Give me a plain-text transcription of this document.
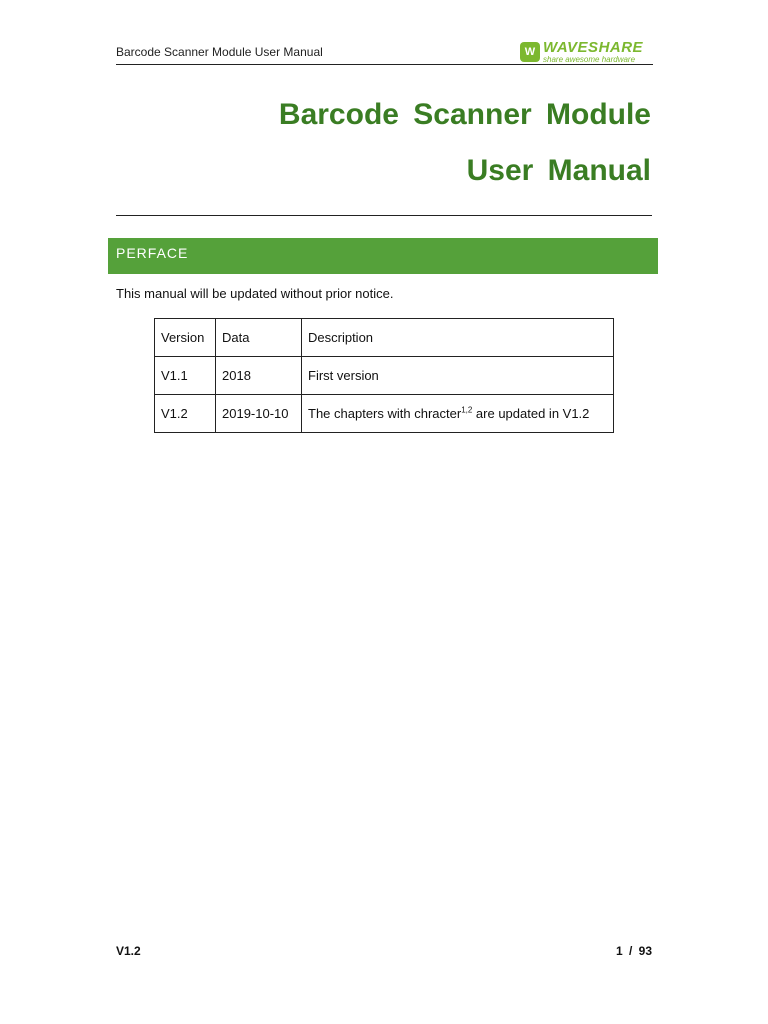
Barcode Scanner Module User Manual	W WAVESHARE
share awesome hardware
Barcode Scanner Module
User Manual
PERFACE
This manual will be updated without prior notice.
Version	Data	Description
V1.1	2018	First version
V1.2	2019-10-10	The chapters with chracter$^{1,2}$ are updated in V1.2
V1.2	1 / 93
